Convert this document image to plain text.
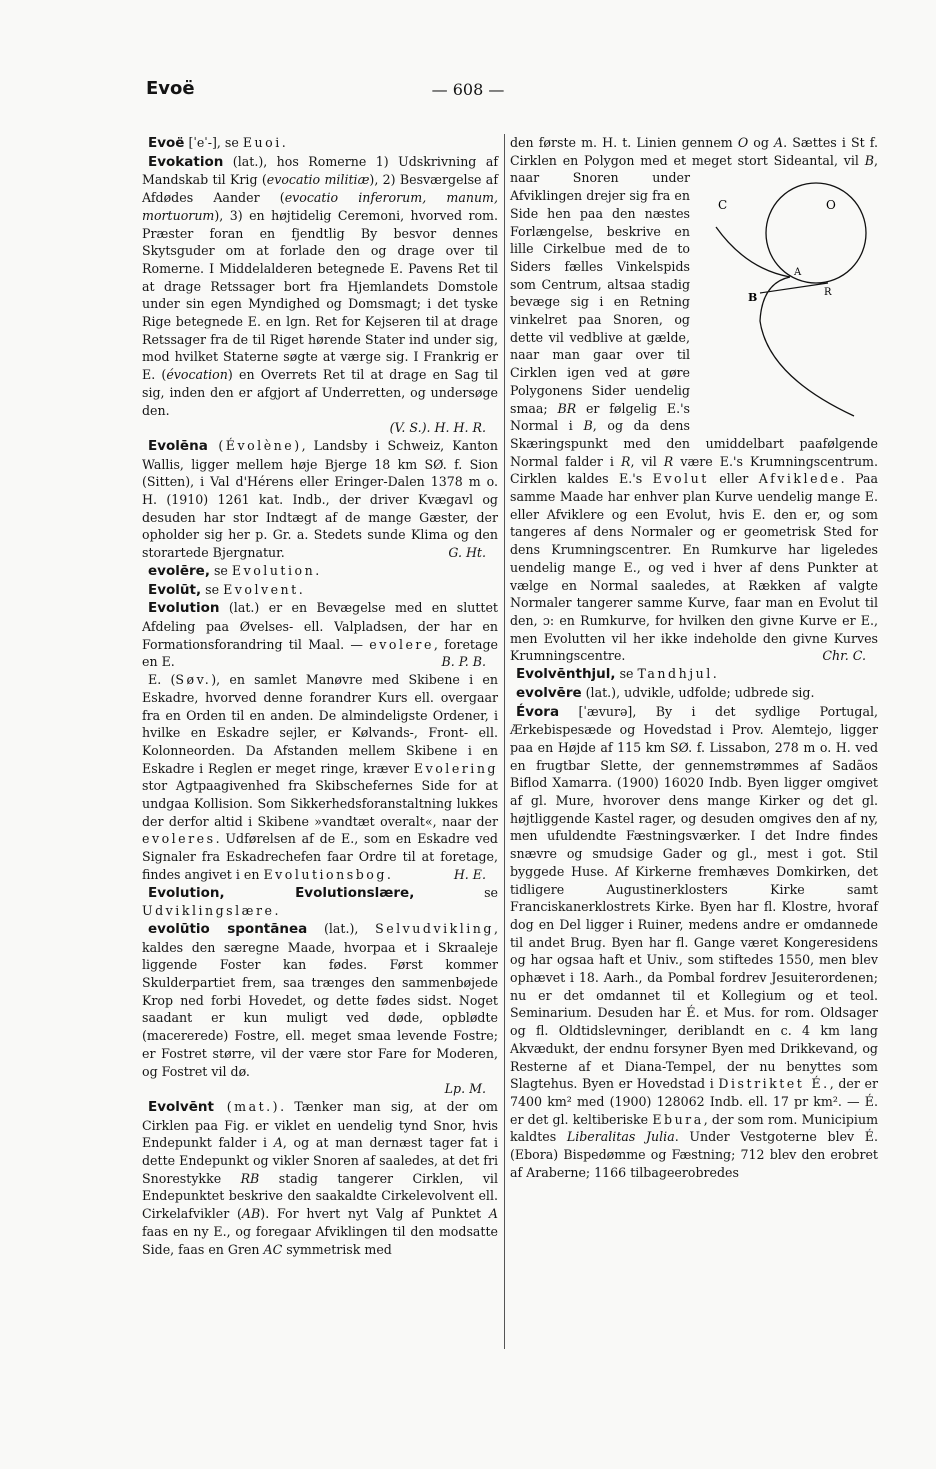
Evoë	— 608 —

Evoë [ˈeˈ-], se Euoi.

Evokation (lat.), hos Romerne 1) Udskrivning af Mandskab til Krig (evocatio militiæ), 2) Besværgelse af Afdødes Aander (evocatio inferorum, manum, mortuorum), 3) en højtidelig Ceremoni, hvorved rom. Præster foran en fjendtlig By besvor dennes Skytsguder om at forlade den og drage over til Romerne. I Middelalderen betegnede E. Pavens Ret til at drage Retssager bort fra Hjemlandets Domstole under sin egen Myndighed og Domsmagt; i det tyske Rige betegnede E. en lgn. Ret for Kejseren til at drage Retssager fra de til Riget hørende Stater ind under sig, mod hvilket Staterne søgte at værge sig. I Frankrig er E. (évocation) en Overrets Ret til at drage en Sag til sig, inden den er afgjort af Underretten, og undersøge den.
(V. S.). H. H. R.

Evolēna (Évolène), Landsby i Schweiz, Kanton Wallis, ligger mellem høje Bjerge 18 km SØ. f. Sion (Sitten), i Val d'Hérens eller Eringer-Dalen 1378 m o. H. (1910) 1261 kat. Indb., der driver Kvægavl og desuden har stor Indtægt af de mange Gæster, der opholder sig her p. Gr. a. Stedets sunde Klima og den storartede Bjergnatur.	G. Ht.

evolēre, se Evolution.

Evolūt, se Evolvent.

Evolution (lat.) er en Bevægelse med en sluttet Afdeling paa Øvelses- ell. Valpladsen, der har en Formationsforandring til Maal. — evolere, foretage en E.	B. P. B.

E. (Søv.), en samlet Manøvre med Skibene i en Eskadre, hvorved denne forandrer Kurs ell. overgaar fra en Orden til en anden. De almindeligste Ordener, i hvilke en Eskadre sejler, er Kølvands-, Front- ell. Kolonneorden. Da Afstanden mellem Skibene i en Eskadre i Reglen er meget ringe, kræver Evolering stor Agtpaagivenhed fra Skibschefernes Side for at undgaa Kollision. Som Sikkerhedsforanstaltning lukkes der derfor altid i Skibene »vandtæt overalt«, naar der evoleres. Udførelsen af de E., som en Eskadre ved Signaler fra Eskadrechefen faar Ordre til at foretage, findes angivet i en Evolutionsbog.	H. E.

Evolution, Evolutionslære, se Udviklingslære.

evolūtio spontānea (lat.), Selvudvikling, kaldes den særegne Maade, hvorpaa et i Skraaleje liggende Foster kan fødes. Først kommer Skulderpartiet frem, saa trænges den sammenbøjede Krop ned forbi Hovedet, og dette fødes sidst. Noget saadant er kun muligt ved døde, opblødte (macererede) Fostre, ell. meget smaa levende Fostre; er Fostret større, vil der være stor Fare for Moderen, og Fostret vil dø.
Lp. M.

Evolvēnt (mat.). Tænker man sig, at der om Cirklen paa Fig. er viklet en uendelig tynd Snor, hvis Endepunkt falder i A, og at man dernæst tager fat i dette Endepunkt og vikler Snoren af saaledes, at det fri Snorestykke RB stadig tangerer Cirklen, vil Endepunktet beskrive den saakaldte Cirkelevolvent ell. Cirkelafvikler (AB). For hvert nyt Valg af Punktet A faas en ny E., og foregaar Afviklingen til den modsatte Side, faas en Gren AC symmetrisk med

den første m. H. t. Linien gennem O og A. Sættes i St f. Cirklen en Polygon med et meget stort Sideantal, vil B
C	O
A
B	R
, naar Snoren under Afviklingen drejer sig fra en Side hen paa den næstes Forlængelse, beskrive en lille Cirkelbue med de to Siders fælles Vinkelspids som Centrum, altsaa stadig bevæge sig i en Retning vinkelret paa Snoren, og dette vil vedblive at gælde, naar man gaar over til Cirklen igen ved at gøre Polygonens Sider uendelig smaa; BR er følgelig E.'s Normal i B, og da dens Skæringspunkt med den umiddelbart paafølgende Normal falder i R, vil R være E.'s Krumningscentrum. Cirklen kaldes E.'s Evolut eller Afviklede. Paa samme Maade har enhver plan Kurve uendelig mange E. eller Afviklere og een Evolut, hvis E. den er, og som tangeres af dens Normaler og er geometrisk Sted for dens Krumningscentrer. En Rumkurve har ligeledes uendelig mange E., og ved i hver af dens Punkter at vælge en Normal saaledes, at Rækken af valgte Normaler tangerer samme Kurve, faar man en Evolut til den, ɔ: en Rumkurve, for hvilken den givne Kurve er E., men Evolutten vil her ikke indeholde den givne Kurves Krumningscentre.	Chr. C.

Evolvēnthjul, se Tandhjul.

evolvēre (lat.), udvikle, udfolde; udbrede sig.

Évora [ˈævurə], By i det sydlige Portugal, Ærkebispesæde og Hovedstad i Prov. Alemtejo, ligger paa en Højde af 115 km SØ. f. Lissabon, 278 m o. H. ved en frugtbar Slette, der gennemstrømmes af Sadãos Biflod Xamarra. (1900) 16020 Indb. Byen ligger omgivet af gl. Mure, hvorover dens mange Kirker og det gl. højtliggende Kastel rager, og desuden omgives den af ny, men ufuldendte Fæstningsværker. I det Indre findes snævre og smudsige Gader og gl., mest i got. Stil byggede Huse. Af Kirkerne fremhæves Domkirken, det tidligere Augustinerklosters Kirke samt Franciskanerklostrets Kirke. Byen har fl. Klostre, hvoraf dog en Del ligger i Ruiner, medens andre er omdannede til andet Brug. Byen har fl. Gange været Kongeresidens og har ogsaa haft et Univ., som stiftedes 1550, men blev ophævet i 18. Aarh., da Pombal fordrev Jesuiterordenen; nu er det omdannet til et Kollegium og et teol. Seminarium. Desuden har É. et Mus. for rom. Oldsager og fl. Oldtidslevninger, deriblandt en c. 4 km lang Akvædukt, der endnu forsyner Byen med Drikkevand, og Resterne af et Diana-Tempel, der nu benyttes som Slagtehus. Byen er Hovedstad i Distriktet É., der er 7400 km² med (1900) 128062 Indb. ell. 17 pr km². — É. er det gl. keltiberiske Ebura, der som rom. Municipium kaldtes Liberalitas Julia. Under Vestgoterne blev É. (Ebora) Bispedømme og Fæstning; 712 blev den erobret af Araberne; 1166 tilbageerobredes
